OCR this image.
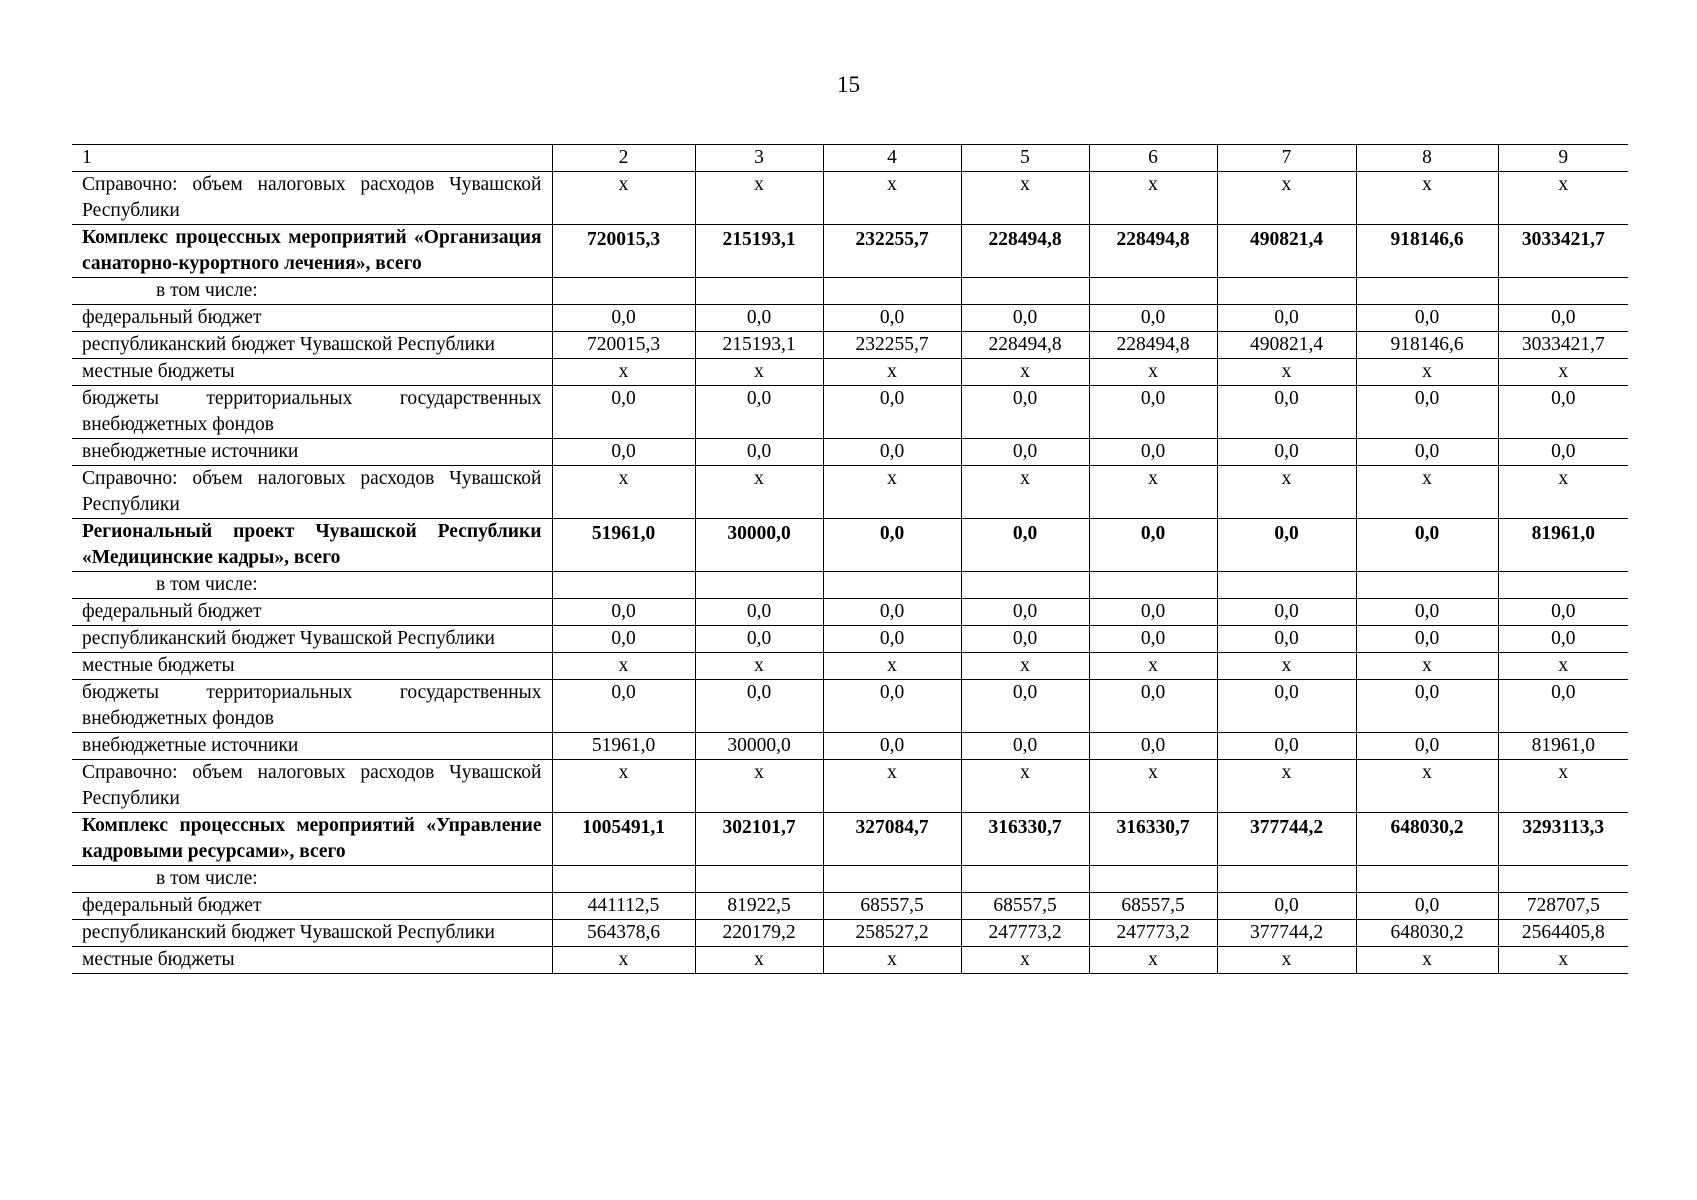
15
1	2	3	4	5	6	7	8	9
Справочно: объем налоговых расходов Чувашской Республики	x	x	x	x	x	x	x	x
Комплекс процессных мероприятий «Организация санаторно-курортного лечения», всего	720015,3	215193,1	232255,7	228494,8	228494,8	490821,4	918146,6	3033421,7
в том числе:								
федеральный бюджет	0,0	0,0	0,0	0,0	0,0	0,0	0,0	0,0
республиканский бюджет Чувашской Республики	720015,3	215193,1	232255,7	228494,8	228494,8	490821,4	918146,6	3033421,7
местные бюджеты	x	x	x	x	x	x	x	x
бюджеты территориальных государственных внебюджетных фондов	0,0	0,0	0,0	0,0	0,0	0,0	0,0	0,0
внебюджетные источники	0,0	0,0	0,0	0,0	0,0	0,0	0,0	0,0
Справочно: объем налоговых расходов Чувашской Республики	x	x	x	x	x	x	x	x
Региональный проект Чувашской Республики «Медицинские кадры», всего	51961,0	30000,0	0,0	0,0	0,0	0,0	0,0	81961,0
в том числе:								
федеральный бюджет	0,0	0,0	0,0	0,0	0,0	0,0	0,0	0,0
республиканский бюджет Чувашской Республики	0,0	0,0	0,0	0,0	0,0	0,0	0,0	0,0
местные бюджеты	x	x	x	x	x	x	x	x
бюджеты территориальных государственных внебюджетных фондов	0,0	0,0	0,0	0,0	0,0	0,0	0,0	0,0
внебюджетные источники	51961,0	30000,0	0,0	0,0	0,0	0,0	0,0	81961,0
Справочно: объем налоговых расходов Чувашской Республики	x	x	x	x	x	x	x	x
Комплекс процессных мероприятий «Управление кадровыми ресурсами», всего	1005491,1	302101,7	327084,7	316330,7	316330,7	377744,2	648030,2	3293113,3
в том числе:								
федеральный бюджет	441112,5	81922,5	68557,5	68557,5	68557,5	0,0	0,0	728707,5
республиканский бюджет Чувашской Республики	564378,6	220179,2	258527,2	247773,2	247773,2	377744,2	648030,2	2564405,8
местные бюджеты	x	x	x	x	x	x	x	x
